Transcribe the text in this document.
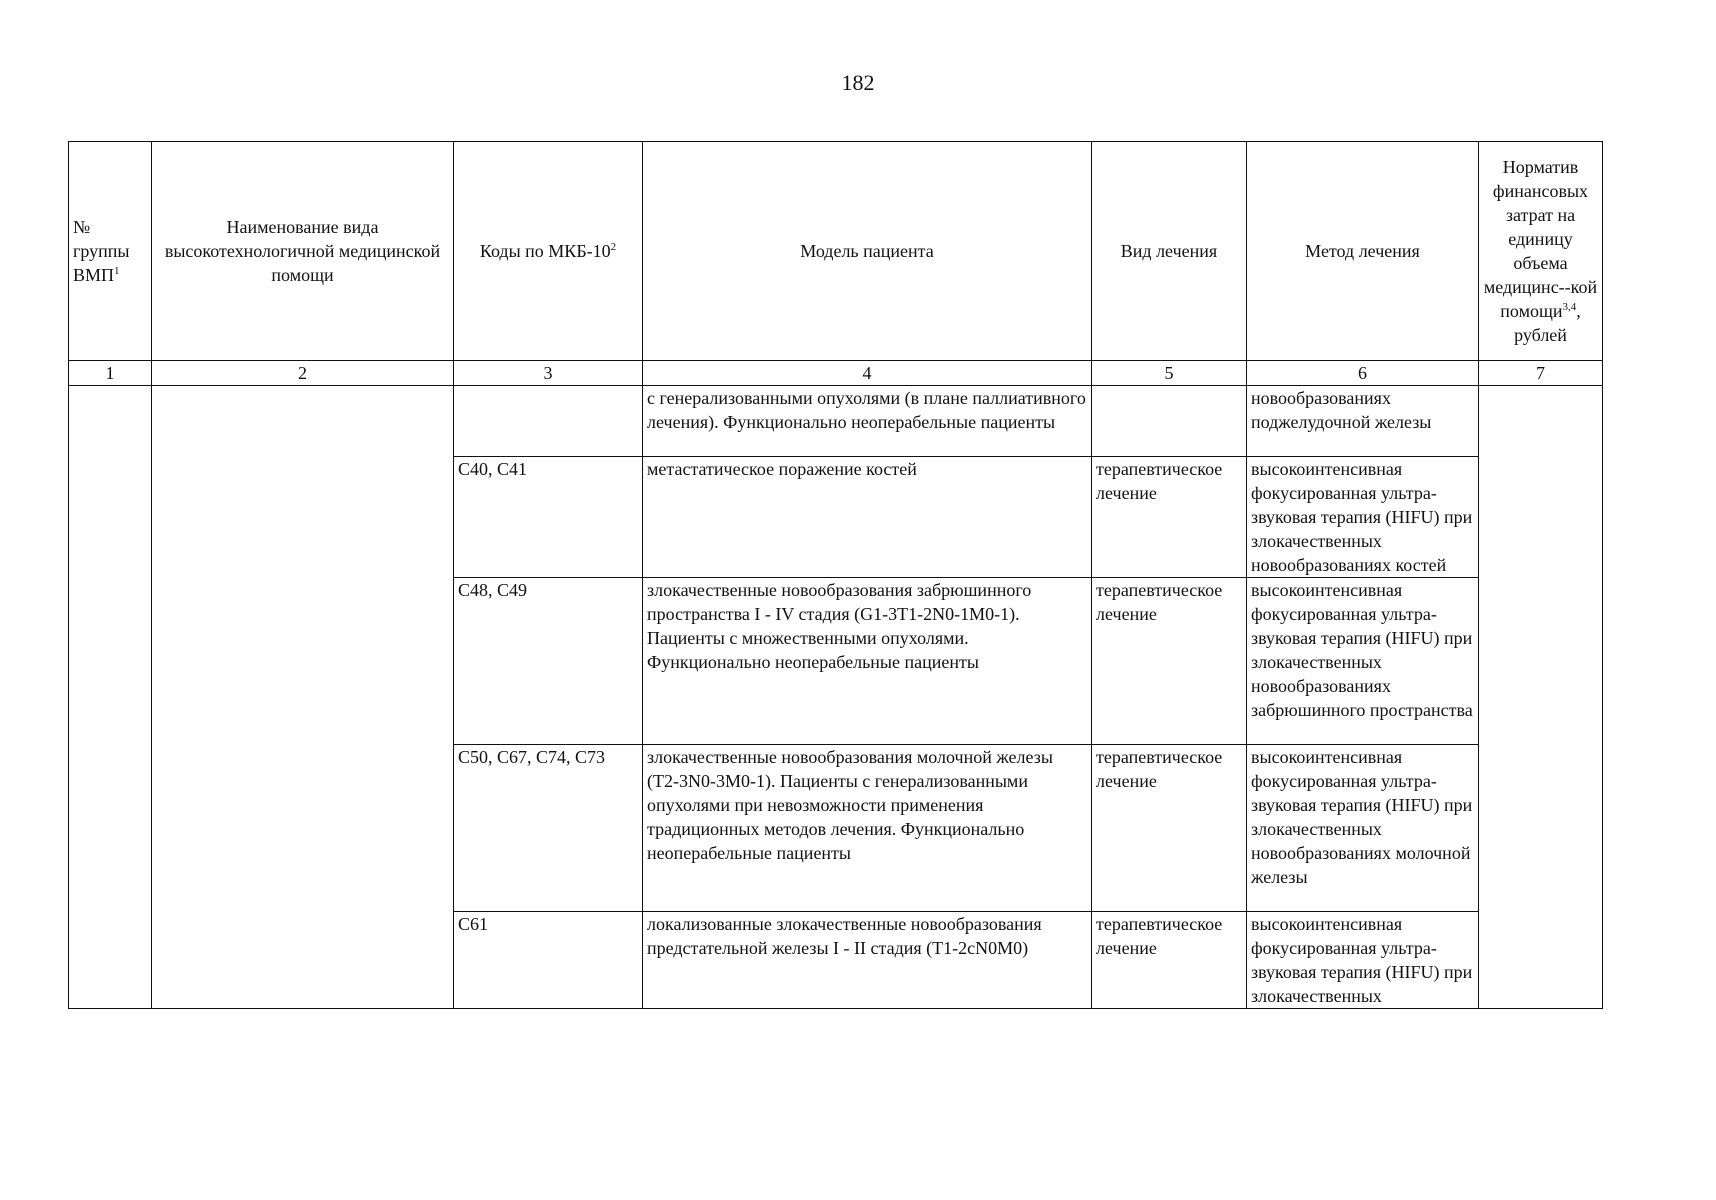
182
№ группы ВМП$^1$	Наименование вида высокотехнологичной медицинской помощи	Коды по МКБ-$10^2$	Модель пациента	Вид лечения	Метод лечения	Норматив финансовых затрат на единицу объема медицинс--кой помощи$^{3,4}$, рублей
1	2	3	4	5	6	7
			с генерализованными опухолями (в плане паллиативного лечения). Функционально неоперабельные пациенты		новообразованиях поджелудочной железы	
		C40, C41	метастатическое поражение костей	терапевтическое лечение	высокоинтенсивная фокусированная ультра-звуковая терапия (HIFU) при злокачественных новообразованиях костей	
		C48, C49	злокачественные новообразования забрюшинного пространства I - IV стадия (G1-3T1-2N0-1M0-1). Пациенты с множественными опухолями. Функционально неоперабельные пациенты	терапевтическое лечение	высокоинтенсивная фокусированная ультра-звуковая терапия (HIFU) при злокачественных новообразованиях забрюшинного пространства	
		C50, C67, C74, C73	злокачественные новообразования молочной железы (T2-3N0-3M0-1). Пациенты с генерализованными опухолями при невозможности применения традиционных методов лечения. Функционально неоперабельные пациенты	терапевтическое лечение	высокоинтенсивная фокусированная ультра-звуковая терапия (HIFU) при злокачественных новообразованиях молочной железы	
		C61	локализованные злокачественные новообразования предстательной железы I - II стадия (T1-2cN0M0)	терапевтическое лечение	высокоинтенсивная фокусированная ультра-звуковая терапия (HIFU) при злокачественных	
